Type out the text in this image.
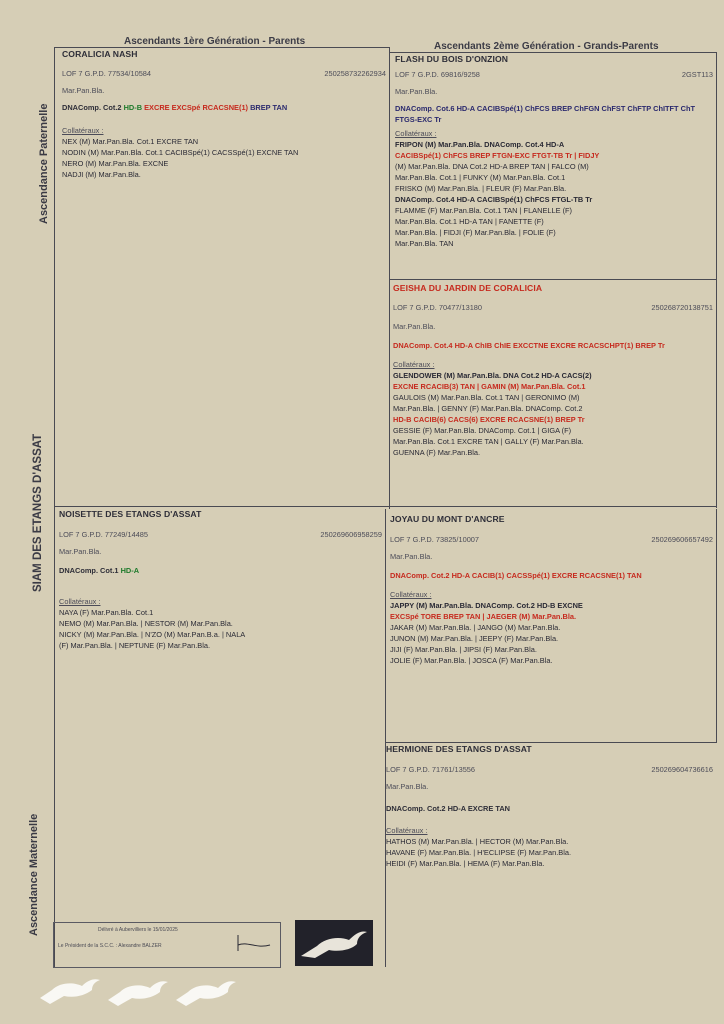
Ascendants 1ère Génération - Parents	Ascendants 2ème Génération - Grands-Parents
Ascendance Paternelle
SIAM DES ETANGS D'ASSAT
Ascendance Maternelle
CORALICIA NASH
LOF 7 G.P.D. 77534/10584	250258732262934
Mar.Pan.Bla.
DNAComp. Cot.2 HD-B EXCRE EXCSpé RCACSNE(1) BREP TAN
Collatéraux :
NEX (M) Mar.Pan.Bla. Cot.1 EXCRE TAN
NODIN (M) Mar.Pan.Bla. Cot.1 CACIBSpé(1) CACSSpé(1) EXCNE TAN
NERO (M) Mar.Pan.Bla. EXCNE
NADJI (M) Mar.Pan.Bla.
FLASH DU BOIS D'ONZION
LOF 7 G.P.D. 69816/9258	2GST113
Mar.Pan.Bla.
DNAComp. Cot.6 HD-A CACIBSpé(1) ChFCS BREP ChFGN ChFST ChFTP ChITFT ChT FTGS-EXC Tr
Collatéraux :
FRIPON (M) Mar.Pan.Bla. DNAComp. Cot.4 HD-A
CACIBSpé(1) ChFCS BREP FTGN-EXC FTGT-TB Tr | FIDJY
(M) Mar.Pan.Bla. DNA Cot.2 HD-A BREP TAN | FALCO (M)
Mar.Pan.Bla. Cot.1 | FUNKY (M) Mar.Pan.Bla. Cot.1
FRISKO (M) Mar.Pan.Bla. | FLEUR (F) Mar.Pan.Bla.
DNAComp. Cot.4 HD-A CACIBSpé(1) ChFCS FTGL-TB Tr
FLAMME (F) Mar.Pan.Bla. Cot.1 TAN | FLANELLE (F)
Mar.Pan.Bla. Cot.1 HD-A TAN | FANETTE (F)
Mar.Pan.Bla. | FIDJI (F) Mar.Pan.Bla. | FOLIE (F)
Mar.Pan.Bla. TAN
GEISHA DU JARDIN DE CORALICIA
LOF 7 G.P.D. 70477/13180	250268720138751
Mar.Pan.Bla.
DNAComp. Cot.4 HD-A ChIB ChIE EXCCTNE EXCRE RCACSCHPT(1) BREP Tr
Collatéraux :
GLENDOWER (M) Mar.Pan.Bla. DNA Cot.2 HD-A CACS(2)
EXCNE RCACIB(3) TAN | GAMIN (M) Mar.Pan.Bla. Cot.1
GAULOIS (M) Mar.Pan.Bla. Cot.1 TAN | GERONIMO (M)
Mar.Pan.Bla. | GENNY (F) Mar.Pan.Bla. DNAComp. Cot.2
HD-B CACIB(6) CACS(6) EXCRE RCACSNE(1) BREP Tr
GESSIE (F) Mar.Pan.Bla. DNAComp. Cot.1 | GIGA (F)
Mar.Pan.Bla. Cot.1 EXCRE TAN | GALLY (F) Mar.Pan.Bla.
GUENNA (F) Mar.Pan.Bla.
NOISETTE DES ETANGS D'ASSAT
LOF 7 G.P.D. 77249/14485	250269606958259
Mar.Pan.Bla.
DNAComp. Cot.1 HD-A
Collatéraux :
NAYA (F) Mar.Pan.Bla. Cot.1
NEMO (M) Mar.Pan.Bla. | NESTOR (M) Mar.Pan.Bla.
NICKY (M) Mar.Pan.Bla. | N'ZO (M) Mar.Pan.B.a. | NALA
(F) Mar.Pan.Bla. | NEPTUNE (F) Mar.Pan.Bla.
JOYAU DU MONT D'ANCRE
LOF 7 G.P.D. 73825/10007	250269606657492
Mar.Pan.Bla.
DNAComp. Cot.2 HD-A CACIB(1) CACSSpé(1) EXCRE RCACSNE(1) TAN
Collatéraux :
JAPPY (M) Mar.Pan.Bla. DNAComp. Cot.2 HD-B EXCNE
EXCSpé TORE BREP TAN | JAEGER (M) Mar.Pan.Bla.
JAKAR (M) Mar.Pan.Bla. | JANGO (M) Mar.Pan.Bla.
JUNON (M) Mar.Pan.Bla. | JEEPY (F) Mar.Pan.Bla.
JIJI (F) Mar.Pan.Bla. | JIPSI (F) Mar.Pan.Bla.
JOLIE (F) Mar.Pan.Bla. | JOSCA (F) Mar.Pan.Bla.
HERMIONE DES ETANGS D'ASSAT
LOF 7 G.P.D. 71761/13556	250269604736616
Mar.Pan.Bla.
DNAComp. Cot.2 HD-A EXCRE TAN
Collatéraux :
HATHOS (M) Mar.Pan.Bla. | HECTOR (M) Mar.Pan.Bla.
HAVANE (F) Mar.Pan.Bla. | H'ECLIPSE (F) Mar.Pan.Bla.
HEIDI (F) Mar.Pan.Bla. | HEMA (F) Mar.Pan.Bla.
Délivré à Aubervilliers le 15/01/2025
Le Président de la S.C.C. : Alexandre BALZER
